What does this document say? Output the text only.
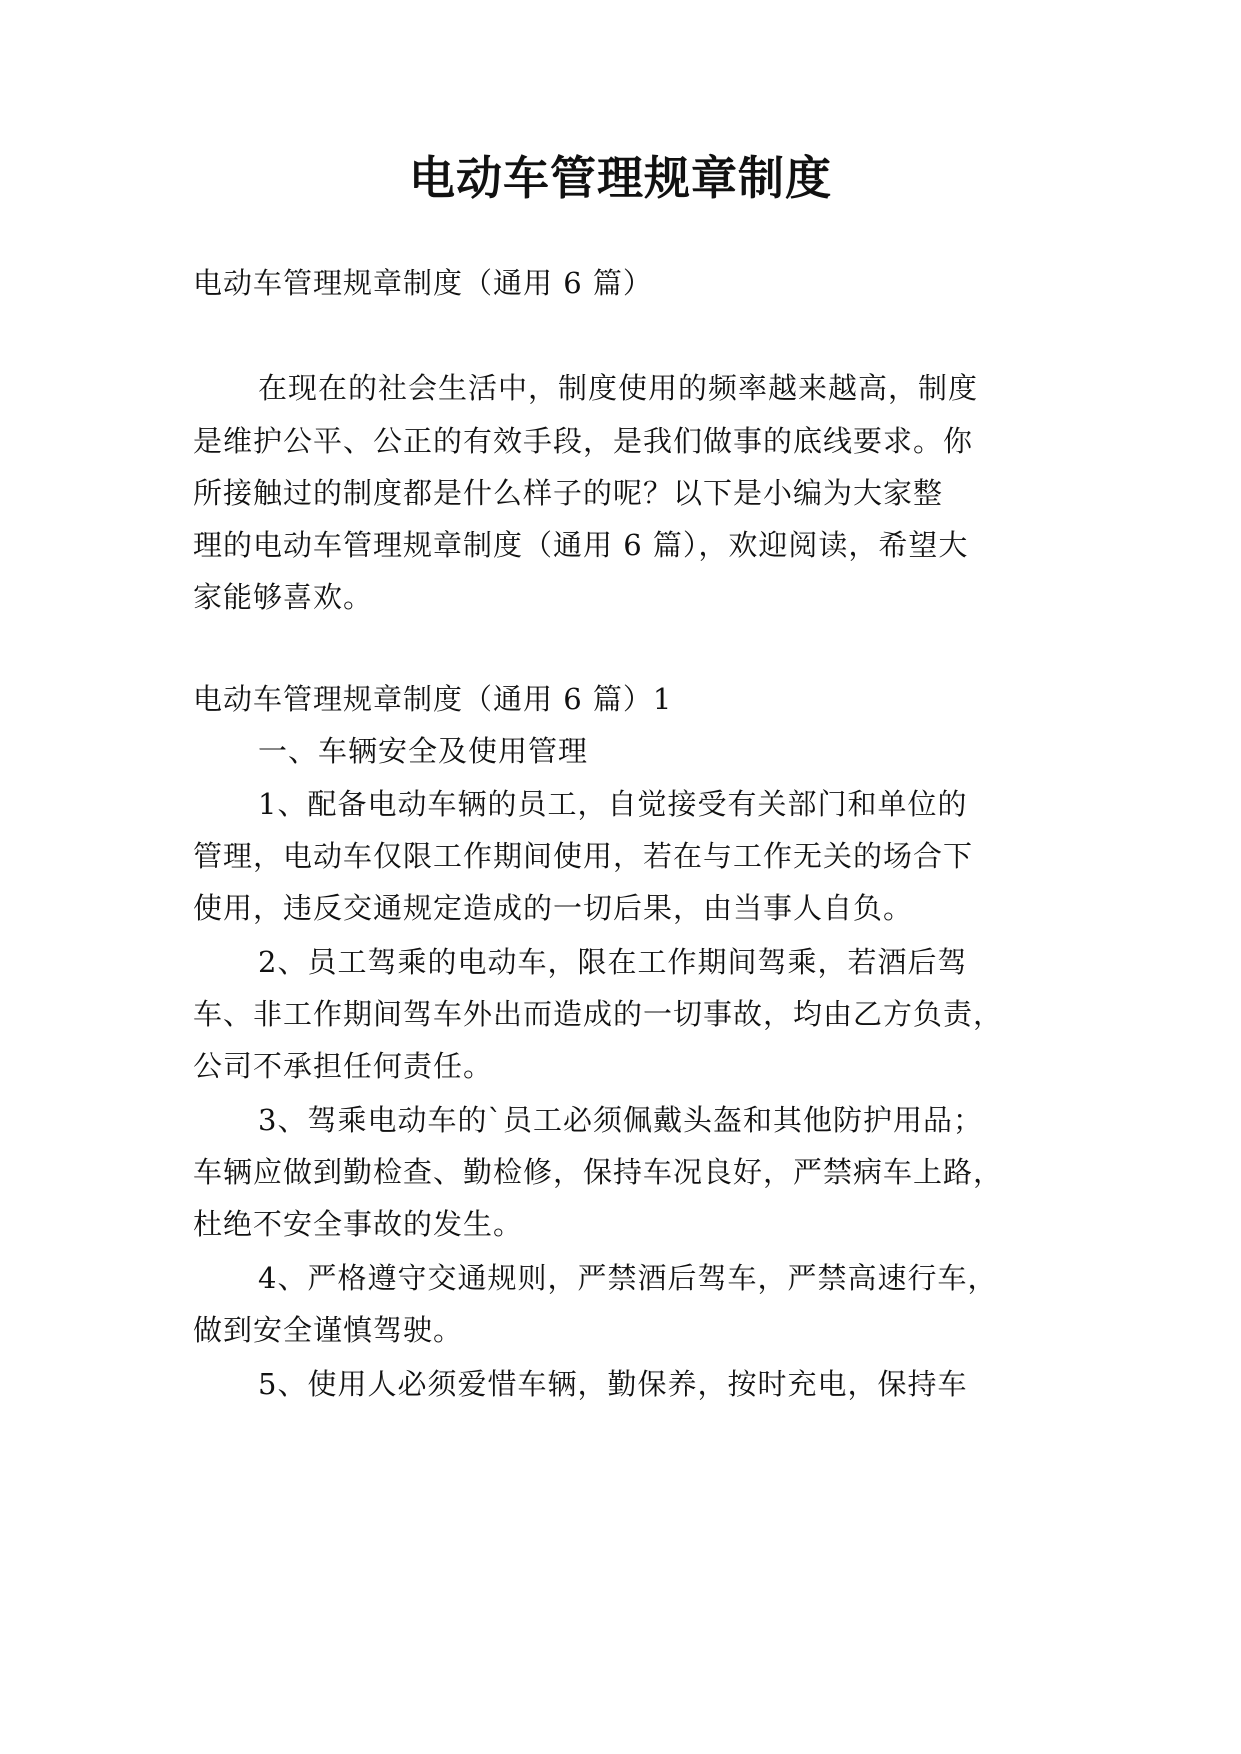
电动车管理规章制度

电动车管理规章制度（通用 6 篇）

在现在的社会生活中，制度使用的频率越来越高，制度

是维护公平、公正的有效手段，是我们做事的底线要求。你

所接触过的制度都是什么样子的呢？以下是小编为大家整

理的电动车管理规章制度（通用 6 篇），欢迎阅读，希望大

家能够喜欢。

电动车管理规章制度（通用 6 篇）1

一、车辆安全及使用管理

1、配备电动车辆的员工，自觉接受有关部门和单位的

管理，电动车仅限工作期间使用，若在与工作无关的场合下

使用，违反交通规定造成的一切后果，由当事人自负。

2、员工驾乘的电动车，限在工作期间驾乘，若酒后驾

车、非工作期间驾车外出而造成的一切事故，均由乙方负责，

公司不承担任何责任。

3、驾乘电动车的`员工必须佩戴头盔和其他防护用品；

车辆应做到勤检查、勤检修，保持车况良好，严禁病车上路，

杜绝不安全事故的发生。

4、严格遵守交通规则，严禁酒后驾车，严禁高速行车，

做到安全谨慎驾驶。

5、使用人必须爱惜车辆，勤保养，按时充电，保持车
